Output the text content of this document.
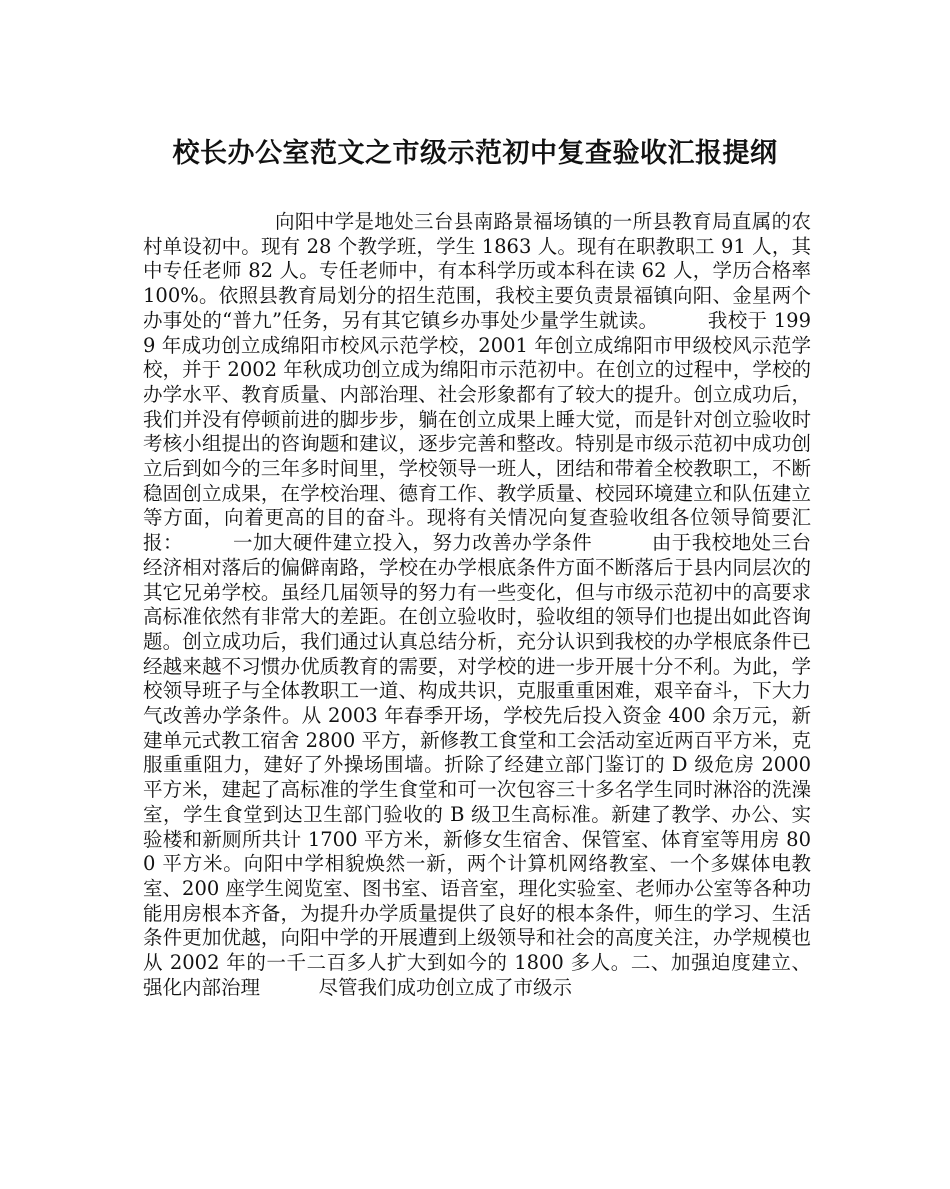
校长办公室范文之市级示范初中复查验收汇报提纲

向阳中学是地处三台县南路景福场镇的一所县教育局直属的农村单设初中。现有 28 个教学班，学生 1863 人。现有在职教职工 91 人，其中专任老师 82 人。专任老师中，有本科学历或本科在读 62 人，学历合格率 100%。依照县教育局划分的招生范围，我校主要负责景福镇向阳、金星两个办事处的“普九”任务，另有其它镇乡办事处少量学生就读。　　　我校于 1999 年成功创立成绵阳市校风示范学校，2001 年创立成绵阳市甲级校风示范学校，并于 2002 年秋成功创立成为绵阳市示范初中。在创立的过程中，学校的办学水平、教育质量、内部治理、社会形象都有了较大的提升。创立成功后，我们并没有停顿前进的脚步步，躺在创立成果上睡大觉，而是针对创立验收时考核小组提出的咨询题和建议，逐步完善和整改。特别是市级示范初中成功创立后到如今的三年多时间里，学校领导一班人，团结和带着全校教职工，不断稳固创立成果，在学校治理、德育工作、教学质量、校园环境建立和队伍建立等方面，向着更高的目的奋斗。现将有关情况向复查验收组各位领导简要汇报：　　　一加大硬件建立投入，努力改善办学条件　　　由于我校地处三台经济相对落后的偏僻南路，学校在办学根底条件方面不断落后于县内同层次的其它兄弟学校。虽经几届领导的努力有一些变化，但与市级示范初中的高要求高标准依然有非常大的差距。在创立验收时，验收组的领导们也提出如此咨询题。创立成功后，我们通过认真总结分析，充分认识到我校的办学根底条件已经越来越不习惯办优质教育的需要，对学校的进一步开展十分不利。为此，学校领导班子与全体教职工一道、构成共识，克服重重困难，艰辛奋斗，下大力气改善办学条件。从 2003 年春季开场，学校先后投入资金 400 余万元，新建单元式教工宿舍 2800 平方，新修教工食堂和工会活动室近两百平方米，克服重重阻力，建好了外操场围墙。折除了经建立部门鉴订的 D 级危房 2000 平方米，建起了高标准的学生食堂和可一次包容三十多名学生同时淋浴的洗澡室，学生食堂到达卫生部门验收的 B 级卫生高标准。新建了教学、办公、实验楼和新厕所共计 1700 平方米，新修女生宿舍、保管室、体育室等用房 800 平方米。向阳中学相貌焕然一新，两个计算机网络教室、一个多媒体电教室、200 座学生阅览室、图书室、语音室，理化实验室、老师办公室等各种功能用房根本齐备，为提升办学质量提供了良好的根本条件，师生的学习、生活条件更加优越，向阳中学的开展遭到上级领导和社会的高度关注，办学规模也从 2002 年的一千二百多人扩大到如今的 1800 多人。二、加强迫度建立、强化内部治理　　　尽管我们成功创立成了市级示
